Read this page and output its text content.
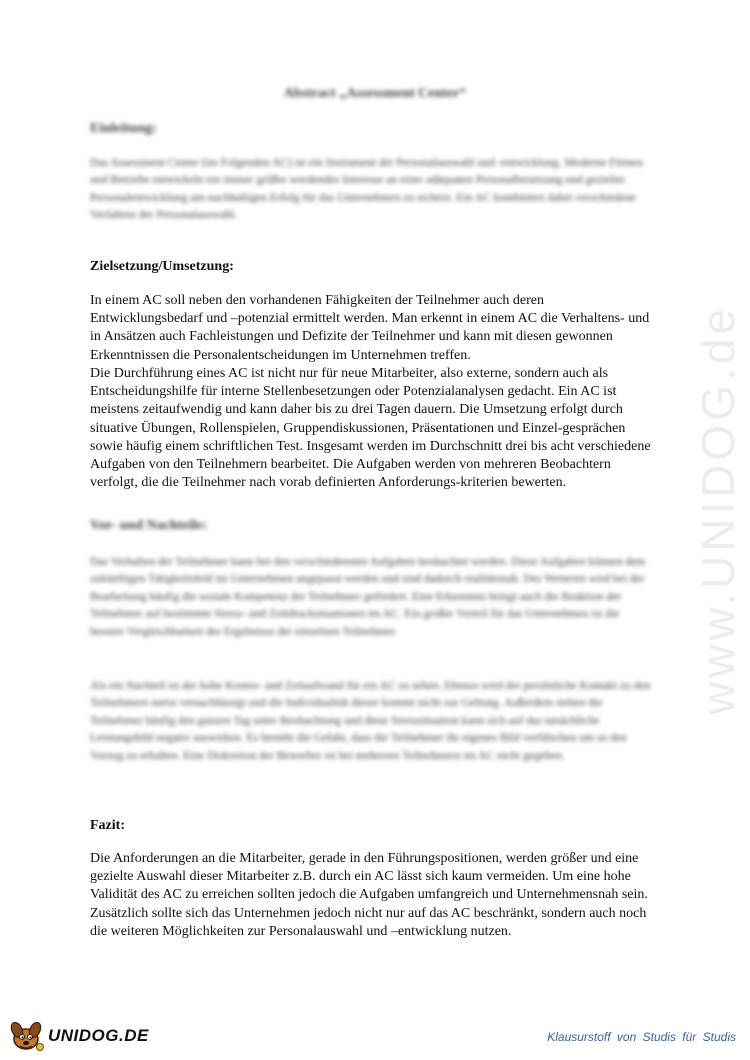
www.UNIDOG.de
Abstract „Assessment Center“
Einleitung:

Das Assessment Center (im Folgenden AC) ist ein Instrument der Personalauswahl und -entwicklung. Moderne Firmen und Betriebe entwickeln ein immer größer werdendes Interesse an einer adäquaten Personalbesetzung und gezielter Personalentwicklung um nachhaltigen Erfolg für das Unternehmen zu sichern. Ein AC kombiniert dabei verschiedene Verfahren der Personalauswahl.

Zielsetzung/Umsetzung:

In einem AC soll neben den vorhandenen Fähigkeiten der Teilnehmer auch deren Entwicklungsbedarf und –potenzial ermittelt werden. Man erkennt in einem AC die Verhaltens- und in Ansätzen auch Fachleistungen und Defizite der Teilnehmer und kann mit diesen gewonnen Erkenntnissen die Personalentscheidungen im Unternehmen treffen.

Die Durchführung eines AC ist nicht nur für neue Mitarbeiter, also externe, sondern auch als Entscheidungshilfe für interne Stellenbesetzungen oder Potenzialanalysen gedacht. Ein AC ist meistens zeitaufwendig und kann daher bis zu drei Tagen dauern. Die Umsetzung erfolgt durch situative Übungen, Rollenspielen, Gruppendiskussionen, Präsentationen und Einzel-gesprächen sowie häufig einem schriftlichen Test. Insgesamt werden im Durchschnitt drei bis acht verschiedene Aufgaben von den Teilnehmern bearbeitet. Die Aufgaben werden von mehreren Beobachtern verfolgt, die die Teilnehmer nach vorab definierten Anforderungs-kriterien bewerten.

Vor- und Nachteile:

Das Verhalten der Teilnehmer kann bei den verschiedensten Aufgaben beobachtet werden. Diese Aufgaben können dem zukünftigen Tätigkeitsfeld im Unternehmen angepasst werden und sind dadurch realitätsnah. Des Weiteren wird bei der Bearbeitung häufig die soziale Kompetenz der Teilnehmer gefördert. Eine Erkenntnis bringt auch die Reaktion der Teilnehmer auf bestimmte Stress- und Zeitdrucksituationen im AC. Ein großer Vorteil für das Unternehmen ist die bessere Vergleichbarkeit der Ergebnisse der einzelnen Teilnehmer.

Als ein Nachteil ist der hohe Kosten- und Zeitaufwand für ein AC zu sehen. Ebenso wird der persönliche Kontakt zu den Teilnehmern meist vernachlässigt und die Individualität dieser kommt nicht zur Geltung. Außerdem stehen die Teilnehmer häufig den ganzen Tag unter Beobachtung und diese Stresssituation kann sich auf das tatsächliche Leistungsbild negativ auswirken. Es besteht die Gefahr, dass die Teilnehmer ihr eigenes Bild verfälschen um so den Vorzug zu erhalten. Eine Diskretion der Bewerber ist bei mehreren Teilnehmern im AC nicht gegeben.

Fazit:

Die Anforderungen an die Mitarbeiter, gerade in den Führungspositionen, werden größer und eine gezielte Auswahl dieser Mitarbeiter z.B. durch ein AC lässt sich kaum vermeiden. Um eine hohe Validität des AC zu erreichen sollten jedoch die Aufgaben umfangreich und Unternehmensnah sein. Zusätzlich sollte sich das Unternehmen jedoch nicht nur auf das AC beschränkt, sondern auch noch die weiteren Möglichkeiten zur Personalauswahl und –entwicklung nutzen.

UNIDOG.DE	Klausurstoff von Studis für Studis
